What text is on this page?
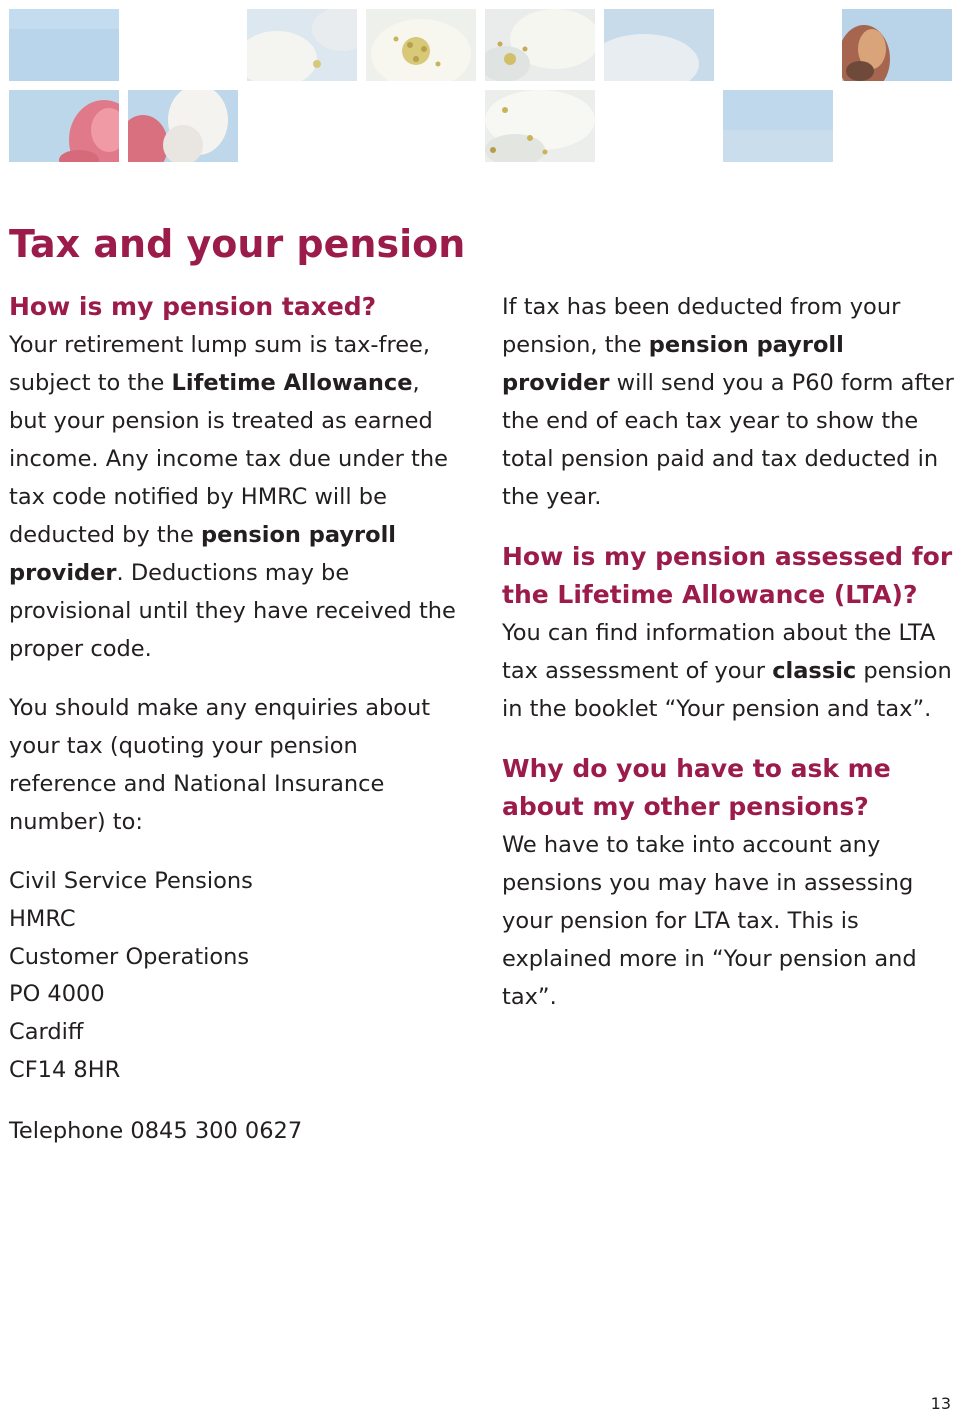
Tax and your pension
How is my pension taxed?

Your retirement lump sum is tax-free, subject to the Lifetime Allowance, but your pension is treated as earned income. Any income tax due under the tax code notified by HMRC will be deducted by the pension payroll provider. Deductions may be provisional until they have received the proper code.

You should make any enquiries about your tax (quoting your pension reference and National Insurance number) to:

Civil Service Pensions

HMRC

Customer Operations

PO 4000

Cardiff

CF14 8HR

Telephone 0845 300 0627

If tax has been deducted from your pension, the pension payroll provider will send you a P60 form after the end of each tax year to show the total pension paid and tax deducted in the year.

How is my pension assessed for the Lifetime Allowance (LTA)?

You can find information about the LTA tax assessment of your classic pension in the booklet “Your pension and tax”.

Why do you have to ask me about my other pensions?

We have to take into account any pensions you may have in assessing your pension for LTA tax. This is explained more in “Your pension and tax”.

13
